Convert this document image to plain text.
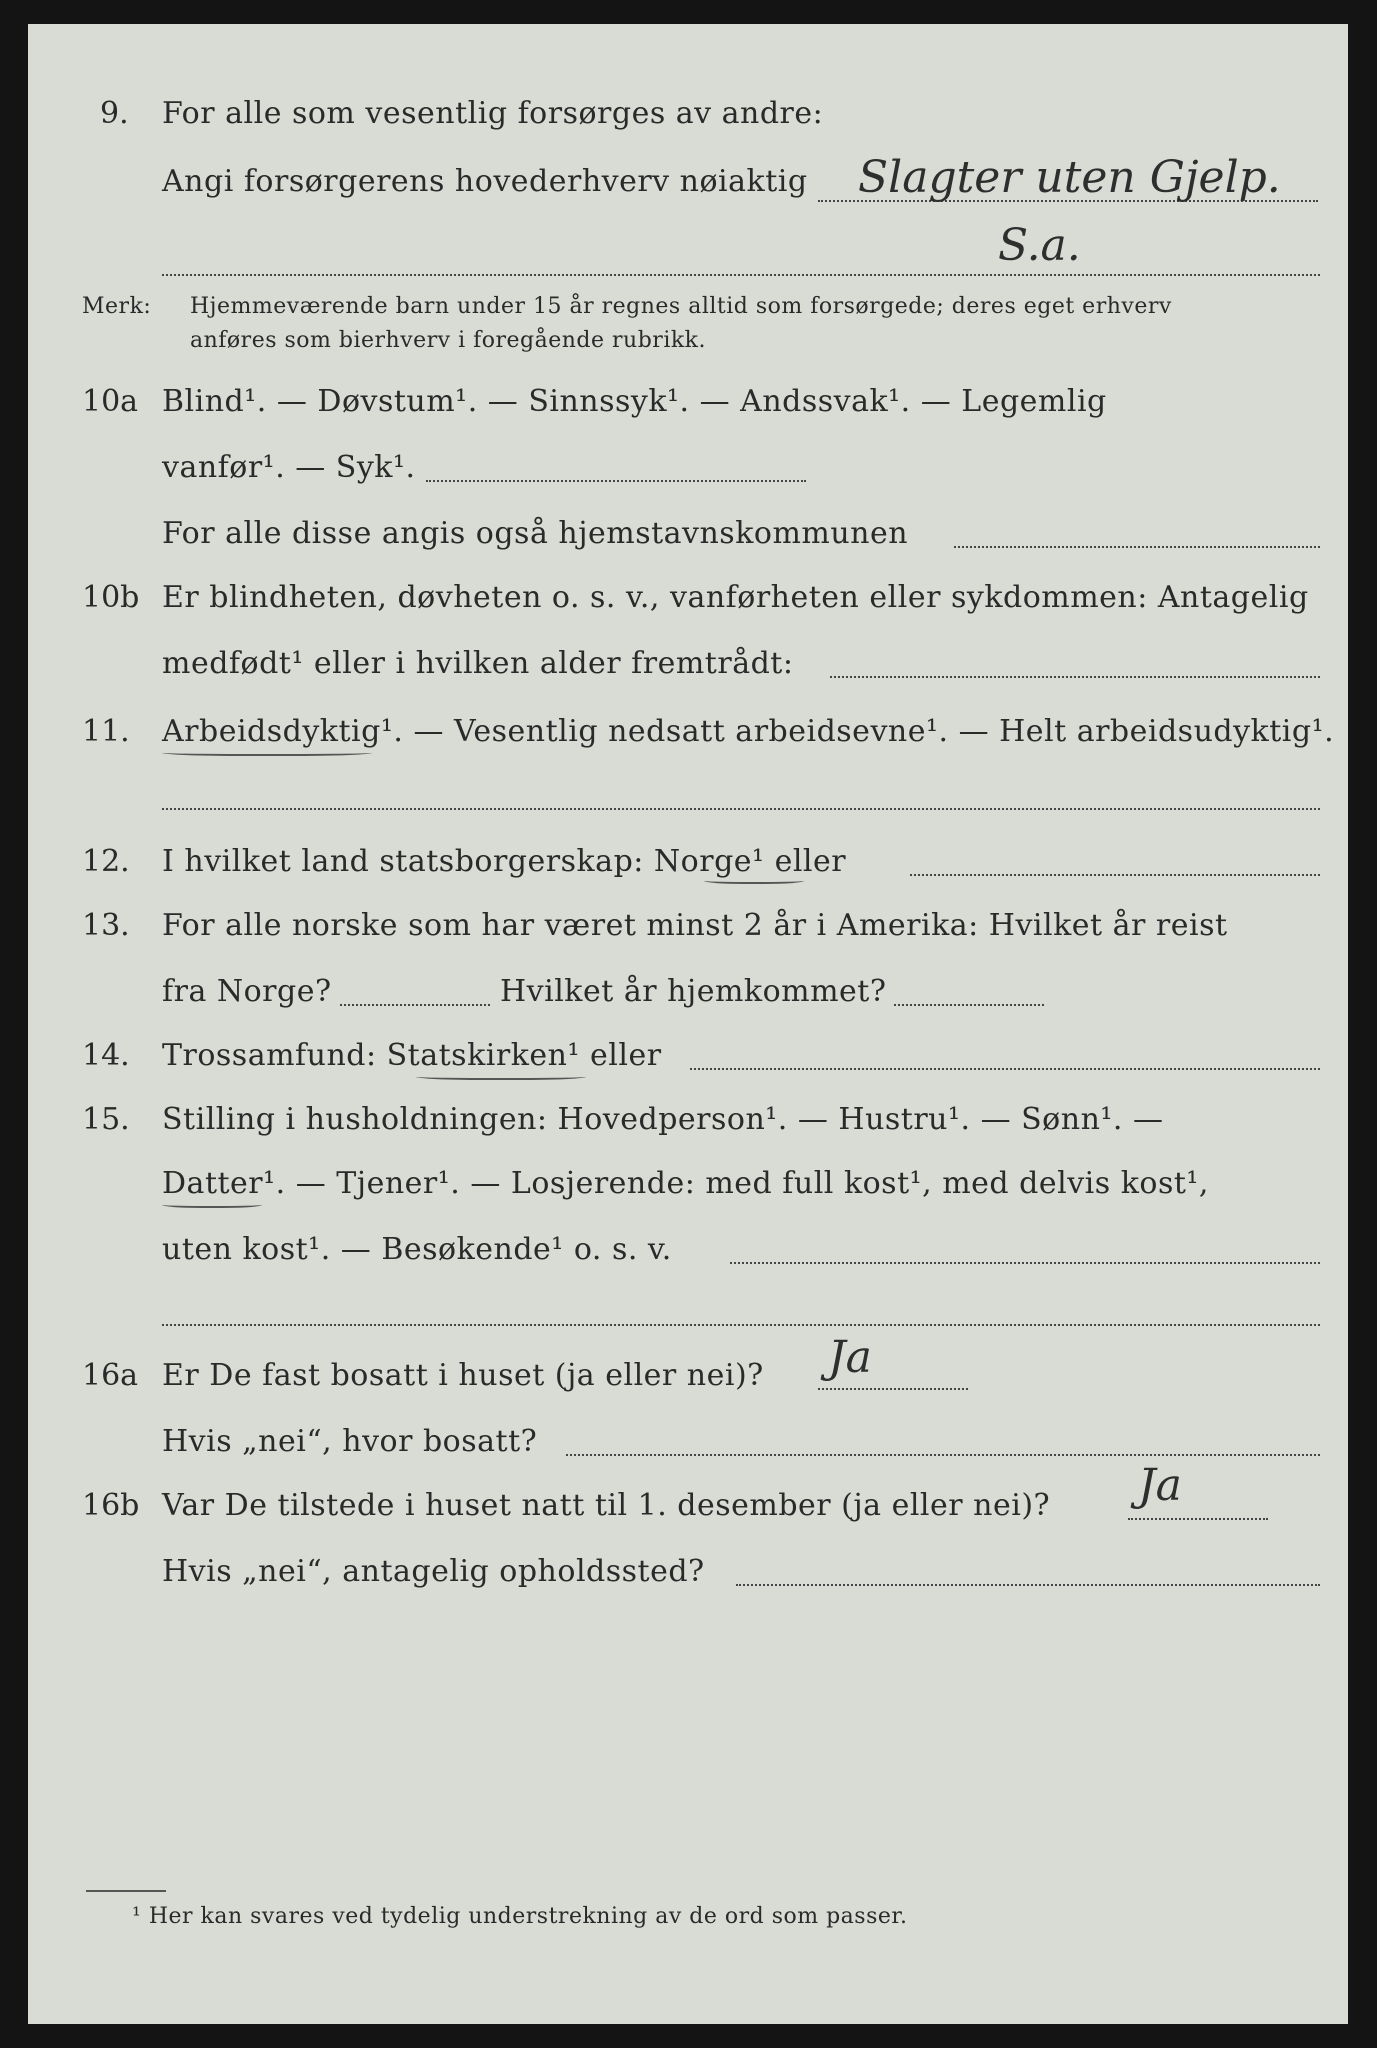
9. For alle som vesentlig forsørges av andre:
Angi forsørgerens hovederhverv nøiaktig Slagter uten Gjelp.
S.a.
Merk: Hjemmeværende barn under 15 år regnes alltid som forsørgede; deres eget erhverv
anføres som bierhverv i foregående rubrikk.
10a Blind¹. — Døvstum¹. — Sinnssyk¹. — Andssvak¹. — Legemlig
vanfør¹. — Syk¹.
For alle disse angis også hjemstavnskommunen
10b Er blindheten, døvheten o. s. v., vanførheten eller sykdommen: Antagelig
medfødt¹ eller i hvilken alder fremtrådt:
11. Arbeidsdyktig¹. — Vesentlig nedsatt arbeidsevne¹. — Helt arbeidsudyktig¹.
12. I hvilket land statsborgerskap: Norge¹ eller
13. For alle norske som har været minst 2 år i Amerika: Hvilket år reist
fra Norge?	Hvilket år hjemkommet?
14. Trossamfund: Statskirken¹ eller
15. Stilling i husholdningen: Hovedperson¹. — Hustru¹. — Sønn¹. —
Datter¹. — Tjener¹. — Losjerende: med full kost¹, med delvis kost¹,
uten kost¹. — Besøkende¹ o. s. v.
16a Er De fast bosatt i huset (ja eller nei)? Ja
Hvis „nei“, hvor bosatt?
16b Var De tilstede i huset natt til 1. desember (ja eller nei)? Ja
Hvis „nei“, antagelig opholdssted?
¹ Her kan svares ved tydelig understrekning av de ord som passer.
